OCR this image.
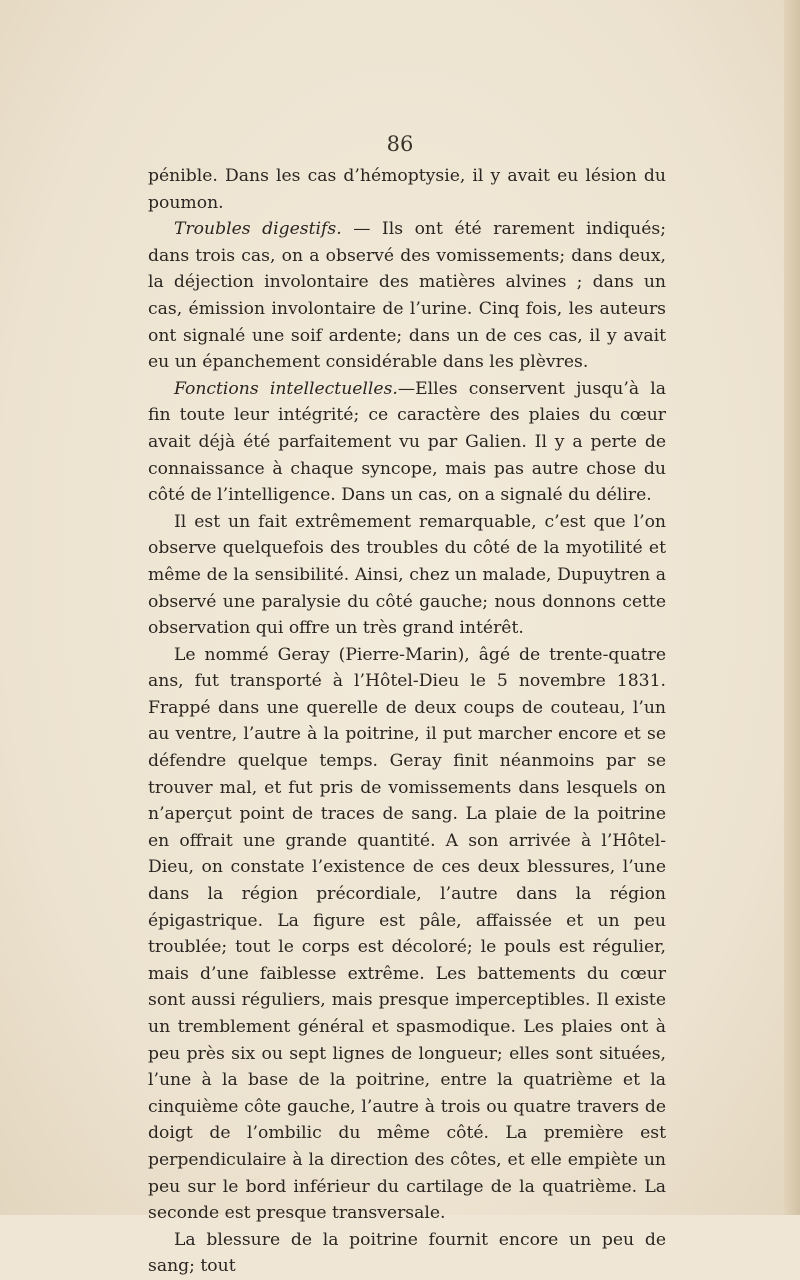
86

pénible. Dans les cas d’hémoptysie, il y avait eu lésion du poumon.

Troubles digestifs. — Ils ont été rarement indiqués; dans trois cas, on a observé des vomissements; dans deux, la déjection involontaire des matières alvines ; dans un cas, émission involontaire de l’urine. Cinq fois, les auteurs ont signalé une soif ardente; dans un de ces cas, il y avait eu un épanchement considérable dans les plèvres.

Fonctions intellectuelles.—Elles conservent jusqu’à la fin toute leur intégrité; ce caractère des plaies du cœur avait déjà été parfaitement vu par Galien. Il y a perte de connaissance à chaque syncope, mais pas autre chose du côté de l’intelligence. Dans un cas, on a signalé du délire.

Il est un fait extrêmement remarquable, c’est que l’on observe quelquefois des troubles du côté de la myotilité et même de la sensibilité. Ainsi, chez un malade, Dupuytren a observé une paralysie du côté gauche; nous donnons cette observation qui offre un très grand intérêt.

Le nommé Geray (Pierre-Marin), âgé de trente-quatre ans, fut transporté à l’Hôtel-Dieu le 5 novembre 1831. Frappé dans une querelle de deux coups de couteau, l’un au ventre, l’autre à la poitrine, il put marcher encore et se défendre quelque temps. Geray finit néanmoins par se trouver mal, et fut pris de vomissements dans lesquels on n’aperçut point de traces de sang. La plaie de la poitrine en offrait une grande quantité. A son arrivée à l’Hôtel-Dieu, on constate l’existence de ces deux blessures, l’une dans la région précordiale, l’autre dans la région épigastrique. La figure est pâle, affaissée et un peu troublée; tout le corps est décoloré; le pouls est régulier, mais d’une faiblesse extrême. Les battements du cœur sont aussi réguliers, mais presque imperceptibles. Il existe un tremblement général et spasmodique. Les plaies ont à peu près six ou sept lignes de longueur; elles sont situées, l’une à la base de la poitrine, entre la quatrième et la cinquième côte gauche, l’autre à trois ou quatre travers de doigt de l’ombilic du même côté. La première est perpendiculaire à la direction des côtes, et elle empiète un peu sur le bord inférieur du cartilage de la quatrième. La seconde est presque transversale.

La blessure de la poitrine fournit encore un peu de sang; tout
